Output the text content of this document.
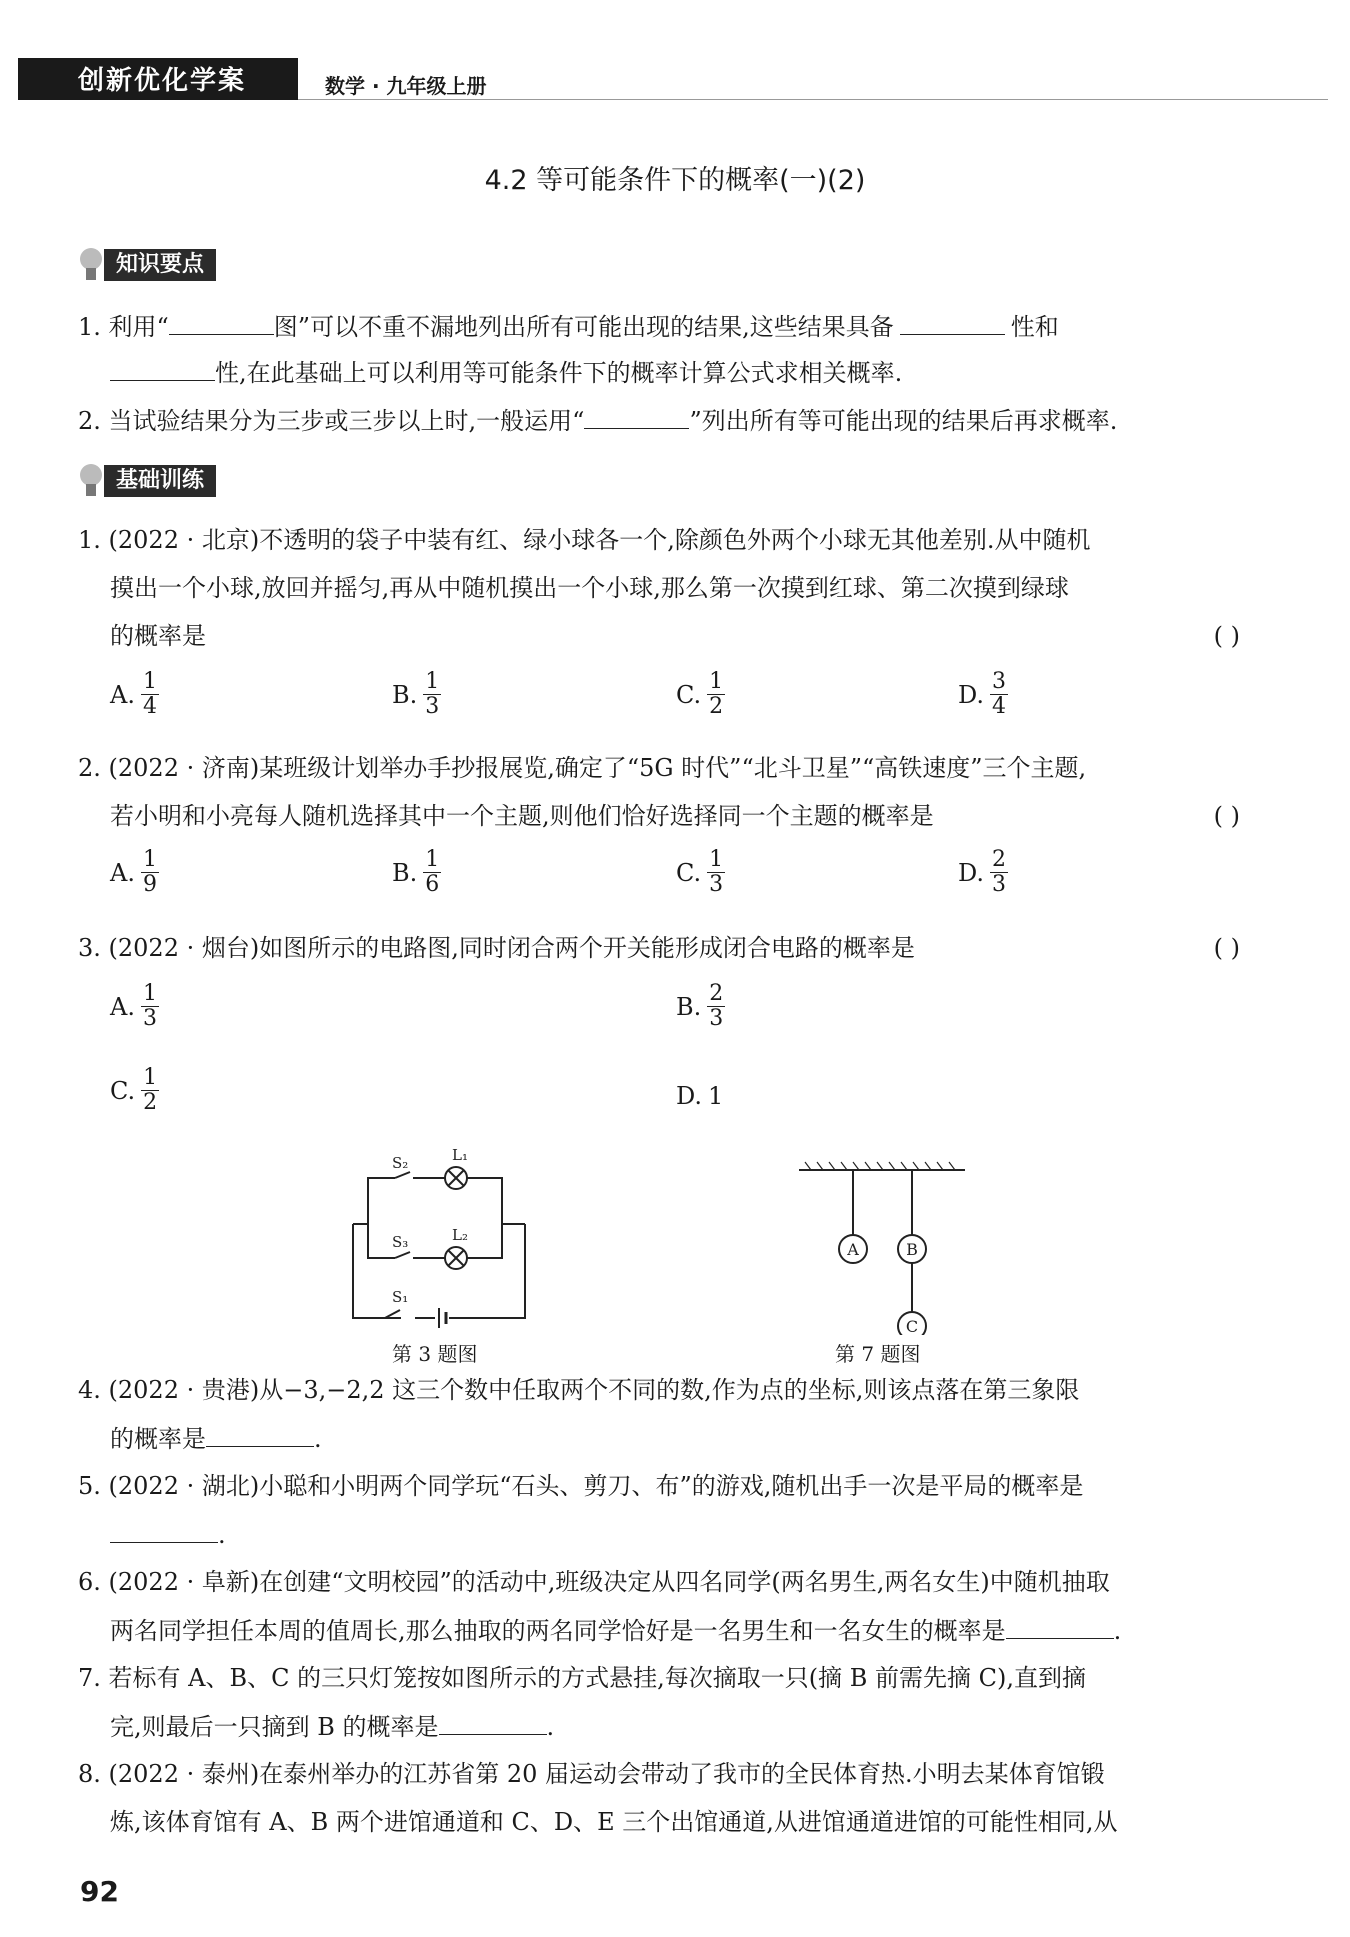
创新优化学案	数学 · 九年级上册
4.2 等可能条件下的概率(一)(2)
知识要点
1. 利用“	图”可以不重不漏地列出所有可能出现的结果,这些结果具备	性和
性,在此基础上可以利用等可能条件下的概率计算公式求相关概率.
2. 当试验结果分为三步或三步以上时,一般运用“	”列出所有等可能出现的结果后再求概率.
基础训练
1. (2022 · 北京)不透明的袋子中装有红、绿小球各一个,除颜色外两个小球无其他差别.从中随机
摸出一个小球,放回并摇匀,再从中随机摸出一个小球,那么第一次摸到红球、第二次摸到绿球
的概率是	( )
A. $\frac{1}{4}$	B. $\frac{1}{3}$	C. $\frac{1}{2}$	D. $\frac{3}{4}$
2. (2022 · 济南)某班级计划举办手抄报展览,确定了“5G 时代”“北斗卫星”“高铁速度”三个主题,
若小明和小亮每人随机选择其中一个主题,则他们恰好选择同一个主题的概率是	( )
A. $\frac{1}{9}$	B. $\frac{1}{6}$	C. $\frac{1}{3}$	D. $\frac{2}{3}$
3. (2022 · 烟台)如图所示的电路图,同时闭合两个开关能形成闭合电路的概率是	( )
A. $\frac{1}{3}$	B. $\frac{2}{3}$
C. $\frac{1}{2}$	D. 1
S₂	L₁
S₃	L₂
S₁
第 3 题图
A	B
C
第 7 题图
4. (2022 · 贵港)从−3,−2,2 这三个数中任取两个不同的数,作为点的坐标,则该点落在第三象限
的概率是	.
5. (2022 · 湖北)小聪和小明两个同学玩“石头、剪刀、布”的游戏,随机出手一次是平局的概率是
.
6. (2022 · 阜新)在创建“文明校园”的活动中,班级决定从四名同学(两名男生,两名女生)中随机抽取
两名同学担任本周的值周长,那么抽取的两名同学恰好是一名男生和一名女生的概率是	.
7. 若标有 A、B、C 的三只灯笼按如图所示的方式悬挂,每次摘取一只(摘 B 前需先摘 C),直到摘
完,则最后一只摘到 B 的概率是	.
8. (2022 · 泰州)在泰州举办的江苏省第 20 届运动会带动了我市的全民体育热.小明去某体育馆锻
炼,该体育馆有 A、B 两个进馆通道和 C、D、E 三个出馆通道,从进馆通道进馆的可能性相同,从
92
